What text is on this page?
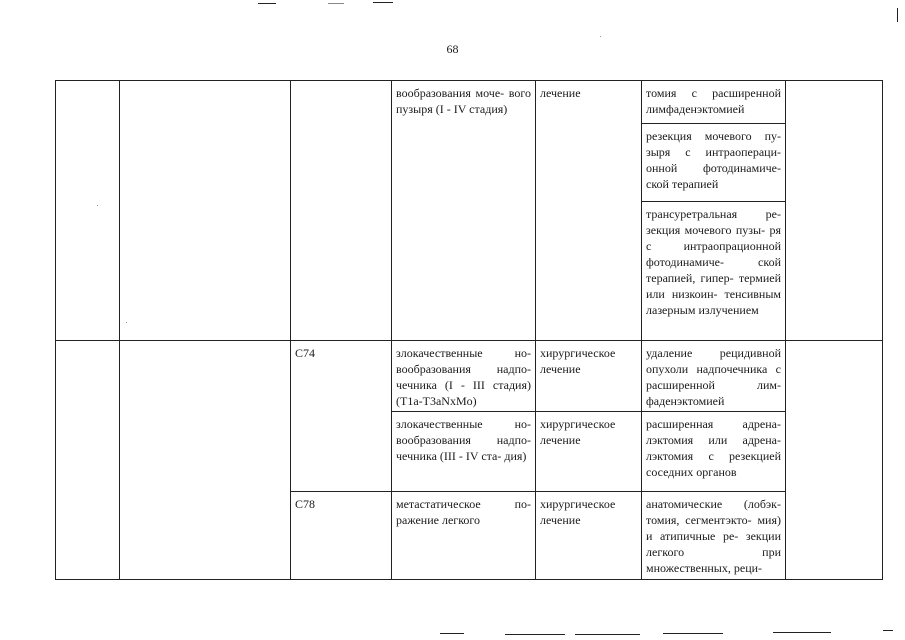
68
			вообразования моче- вого пузыря (I - IV стадия)	лечение	томия с расширенной лимфаденэктомией	
					резекция мочевого пу- зыря с интраопераци- онной фотодинамиче- ской терапией	
					трансуретральная ре- зекция мочевого пузы- ря с интраопрационной фотодинамиче- ской терапией, гипер- термией или низкоин- тенсивным лазерным излучением	
		C74	злокачественные но- вообразования надпо- чечника (I - III стадия) (T1a-T3aNxMo)	хирургическое лечение	удаление рецидивной опухоли надпочечника с расширенной лим- фаденэктомией	
			злокачественные но- вообразования надпо- чечника (III - IV ста- дия)	хирургическое лечение	расширенная адрена- лэктомия или адрена- лэктомия с резекцией соседних органов	
		C78	метастатическое по- ражение легкого	хирургическое лечение	анатомические (лобэк- томия, сегментэкто- мия) и атипичные ре- зекции легкого при множественных, реци-	
